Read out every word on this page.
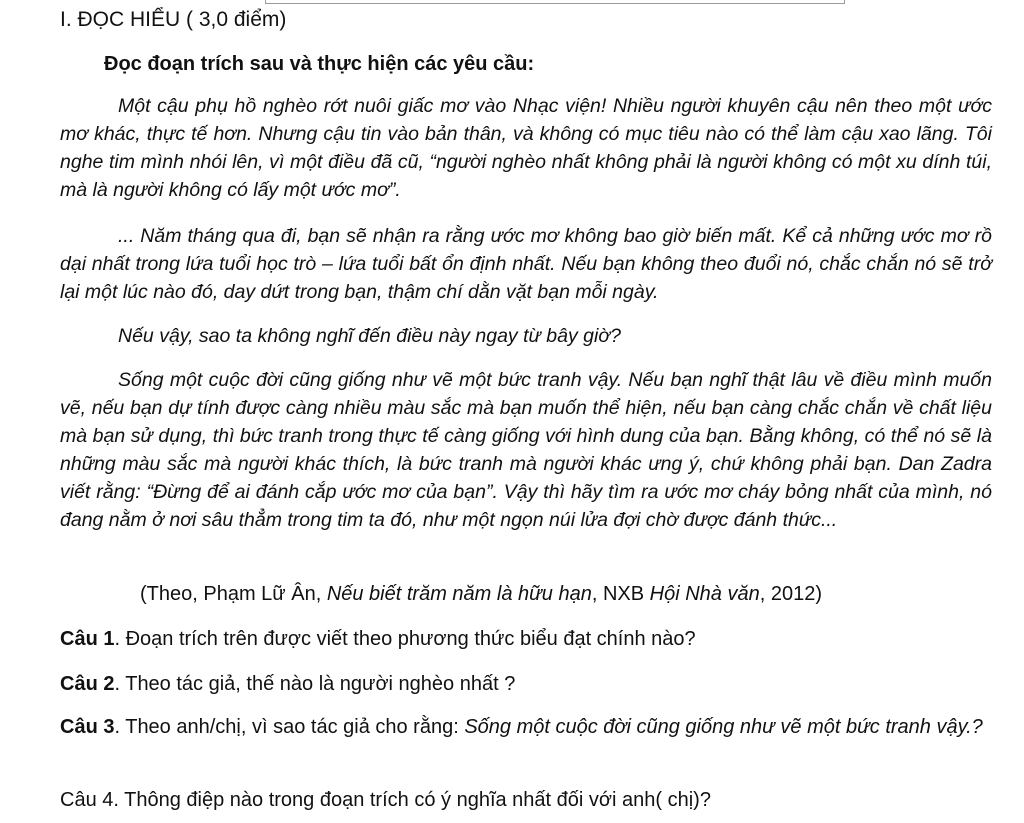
I. ĐỌC HIỂU ( 3,0 điểm)
Đọc đoạn trích sau và thực hiện các yêu cầu:

Một cậu phụ hồ nghèo rớt nuôi giấc mơ vào Nhạc viện! Nhiều người khuyên cậu nên theo một ước mơ khác, thực tế hơn. Nhưng cậu tin vào bản thân, và không có mục tiêu nào có thể làm cậu xao lãng. Tôi nghe tim mình nhói lên, vì một điều đã cũ, “người nghèo nhất không phải là người không có một xu dính túi, mà là người không có lấy một ước mơ”.

... Năm tháng qua đi, bạn sẽ nhận ra rằng ước mơ không bao giờ biến mất. Kể cả những ước mơ rồ dại nhất trong lứa tuổi học trò – lứa tuổi bất ổn định nhất. Nếu bạn không theo đuổi nó, chắc chắn nó sẽ trở lại một lúc nào đó, day dứt trong bạn, thậm chí dằn vặt bạn mỗi ngày.

Nếu vậy, sao ta không nghĩ đến điều này ngay từ bây giờ?

Sống một cuộc đời cũng giống như vẽ một bức tranh vậy. Nếu bạn nghĩ thật lâu về điều mình muốn vẽ, nếu bạn dự tính được càng nhiều màu sắc mà bạn muốn thể hiện, nếu bạn càng chắc chắn về chất liệu mà bạn sử dụng, thì bức tranh trong thực tế càng giống với hình dung của bạn. Bằng không, có thể nó sẽ là những màu sắc mà người khác thích, là bức tranh mà người khác ưng ý, chứ không phải bạn. Dan Zadra viết rằng: “Đừng để ai đánh cắp ước mơ của bạn”. Vậy thì hãy tìm ra ước mơ cháy bỏng nhất của mình, nó đang nằm ở nơi sâu thẳm trong tim ta đó, như một ngọn núi lửa đợi chờ được đánh thức...

(Theo, Phạm Lữ Ân, Nếu biết trăm năm là hữu hạn, NXB Hội Nhà văn, 2012)

Câu 1. Đoạn trích trên được viết theo phương thức biểu đạt chính nào?

Câu 2. Theo tác giả, thế nào là người nghèo nhất ?

Câu 3. Theo anh/chị, vì sao tác giả cho rằng: Sống một cuộc đời cũng giống như vẽ một bức tranh vậy.?

Câu 4. Thông điệp nào trong đoạn trích có ý nghĩa nhất đối với anh( chị)?
